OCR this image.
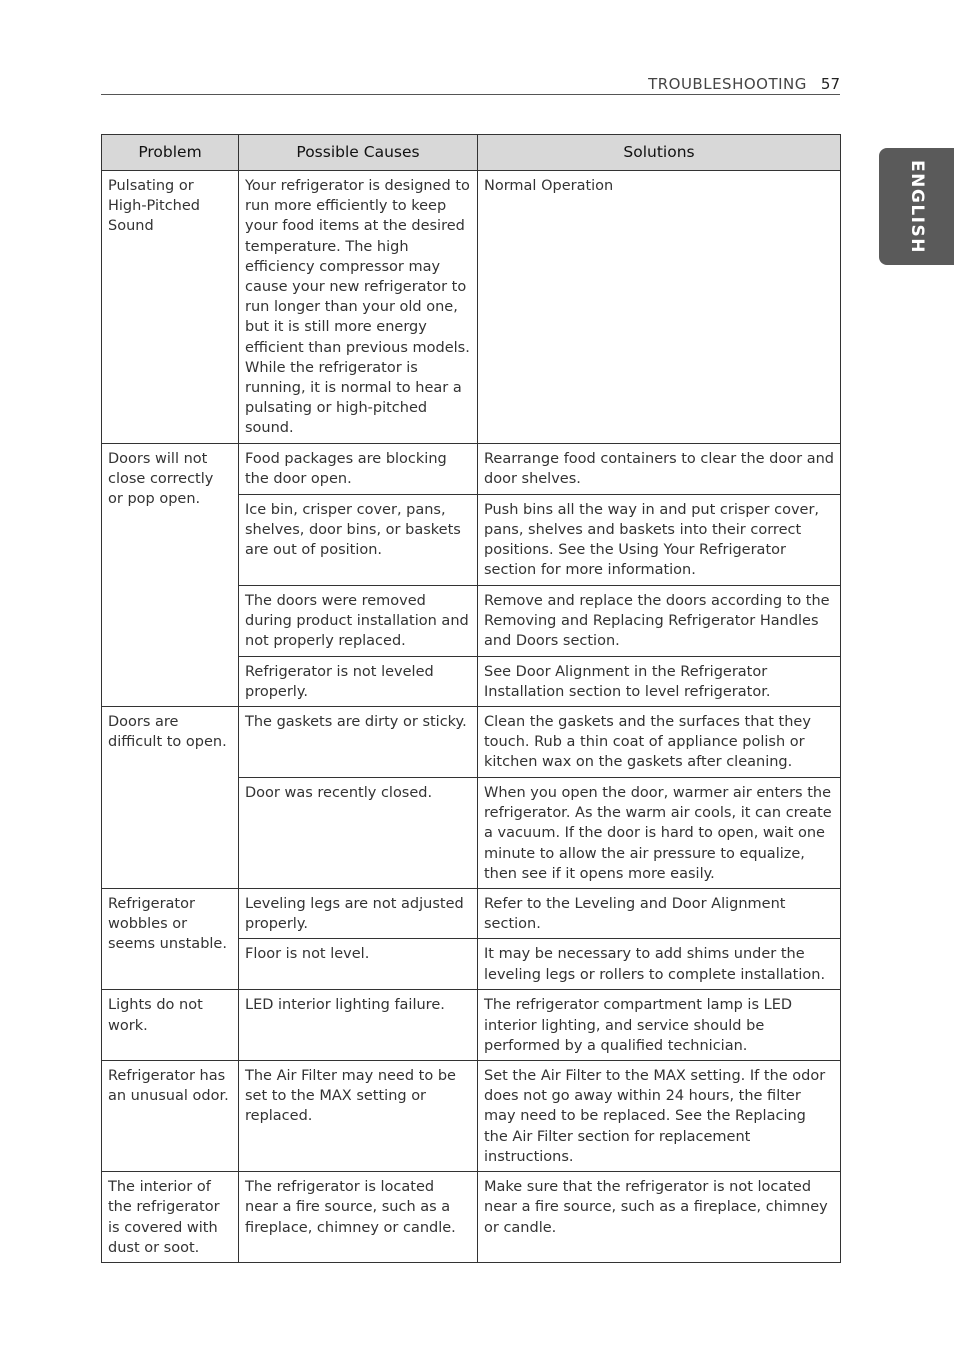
TROUBLESHOOTING 57
ENGLISH
Problem	Possible Causes	Solutions
Pulsating or High-Pitched Sound	Your refrigerator is designed to run more efficiently to keep your food items at the desired temperature. The high efficiency compressor may cause your new refrigerator to run longer than your old one, but it is still more energy efficient than previous models. While the refrigerator is running, it is normal to hear a pulsating or high-pitched sound.	Normal Operation
Doors will not close correctly or pop open.	Food packages are blocking the door open.	Rearrange food containers to clear the door and door shelves.
	Ice bin, crisper cover, pans, shelves, door bins, or baskets are out of position.	Push bins all the way in and put crisper cover, pans, shelves and baskets into their correct positions. See the Using Your Refrigerator section for more information.
	The doors were removed during product installation and not properly replaced.	Remove and replace the doors according to the Removing and Replacing Refrigerator Handles and Doors section.
	Refrigerator is not leveled properly.	See Door Alignment in the Refrigerator Installation section to level refrigerator.
Doors are difficult to open.	The gaskets are dirty or sticky.	Clean the gaskets and the surfaces that they touch. Rub a thin coat of appliance polish or kitchen wax on the gaskets after cleaning.
	Door was recently closed.	When you open the door, warmer air enters the refrigerator. As the warm air cools, it can create a vacuum. If the door is hard to open, wait one minute to allow the air pressure to equalize, then see if it opens more easily.
Refrigerator wobbles or seems unstable.	Leveling legs are not adjusted properly.	Refer to the Leveling and Door Alignment section.
	Floor is not level.	It may be necessary to add shims under the leveling legs or rollers to complete installation.
Lights do not work.	LED interior lighting failure.	The refrigerator compartment lamp is LED interior lighting, and service should be performed by a qualified technician.
Refrigerator has an unusual odor.	The Air Filter may need to be set to the MAX setting or replaced.	Set the Air Filter to the MAX setting. If the odor does not go away within 24 hours, the filter may need to be replaced. See the Replacing the Air Filter section for replacement instructions.
The interior of the refrigerator is covered with dust or soot.	The refrigerator is located near a fire source, such as a fireplace, chimney or candle.	Make sure that the refrigerator is not located near a fire source, such as a fireplace, chimney or candle.
